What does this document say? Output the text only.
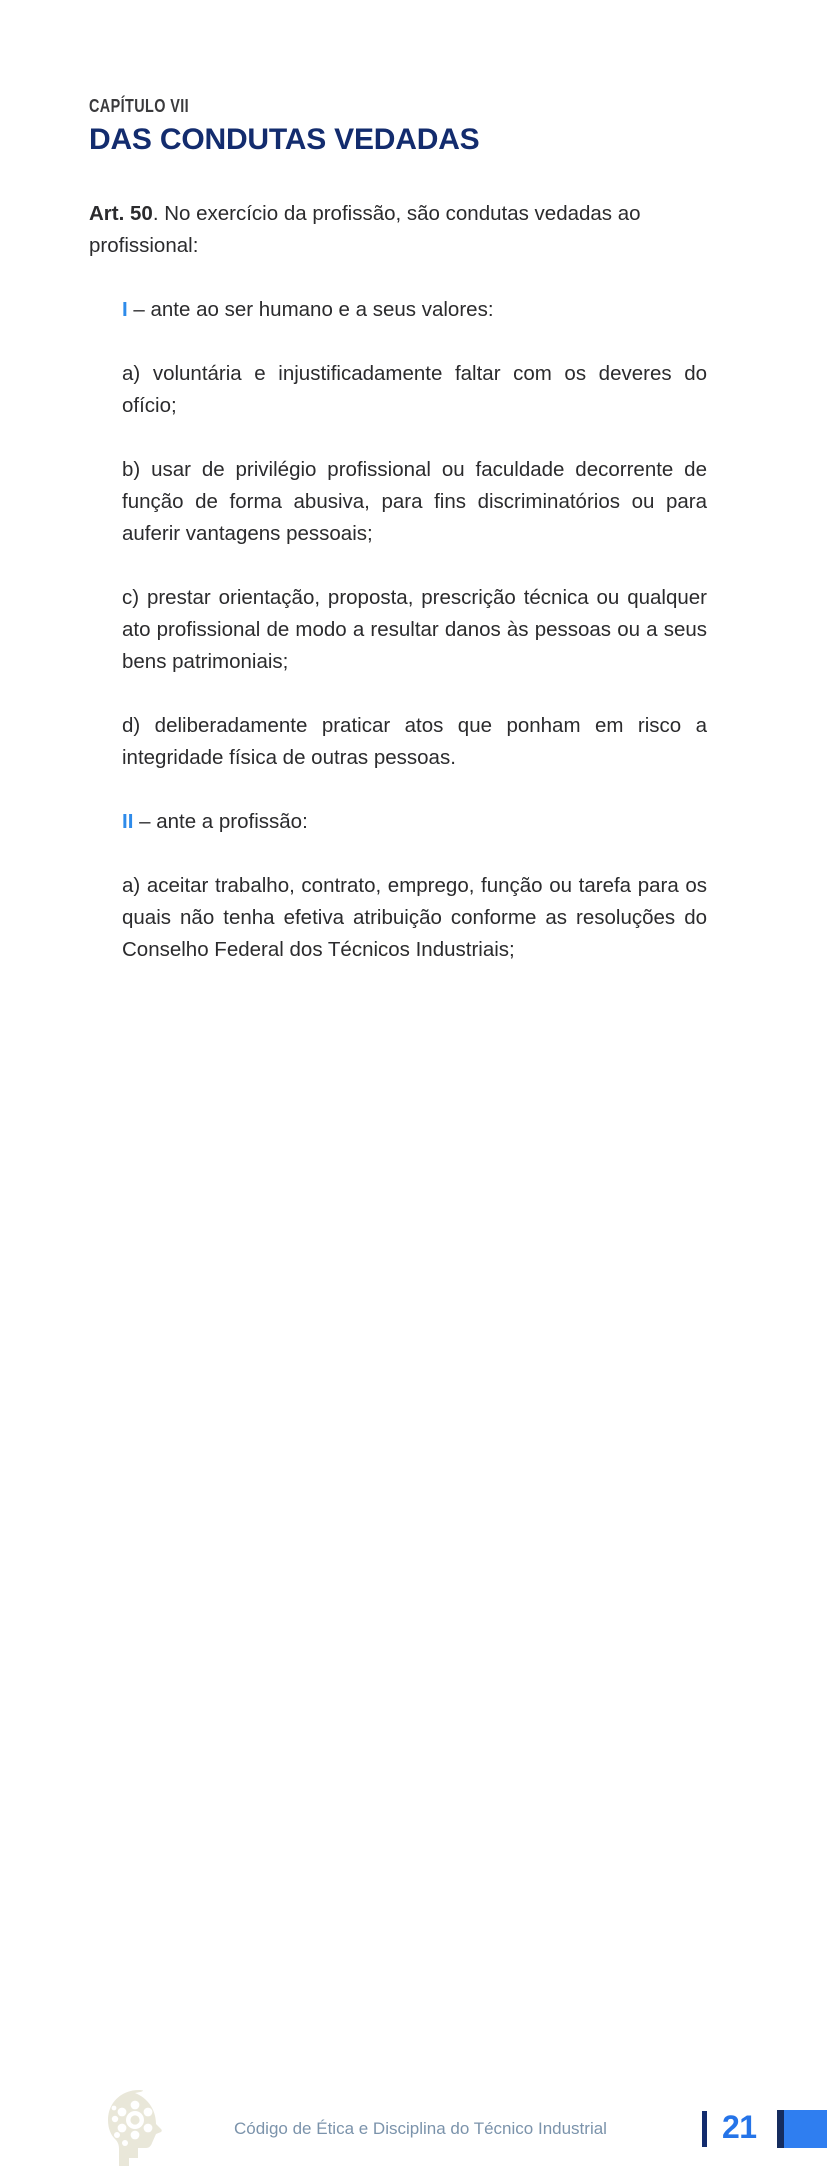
CAPÍTULO VII
DAS CONDUTAS VEDADAS

Art. 50. No exercício da profissão, são condutas vedadas ao profissional:

I – ante ao ser humano e a seus valores:

a) voluntária e injustificadamente faltar com os deveres do ofício;

b) usar de privilégio profissional ou faculdade decorrente de função de forma abusiva, para fins discriminatórios ou para auferir vantagens pessoais;

c) prestar orientação, proposta, prescrição técnica ou qualquer ato profissional de modo a resultar danos às pessoas ou a seus bens patrimoniais;

d) deliberadamente praticar atos que ponham em risco a integridade física de outras pessoas.

II – ante a profissão:

a) aceitar trabalho, contrato, emprego, função ou tarefa para os quais não tenha efetiva atribuição conforme as resoluções do Conselho Federal dos Técnicos Industriais;

Código de Ética e Disciplina do Técnico Industrial	21
